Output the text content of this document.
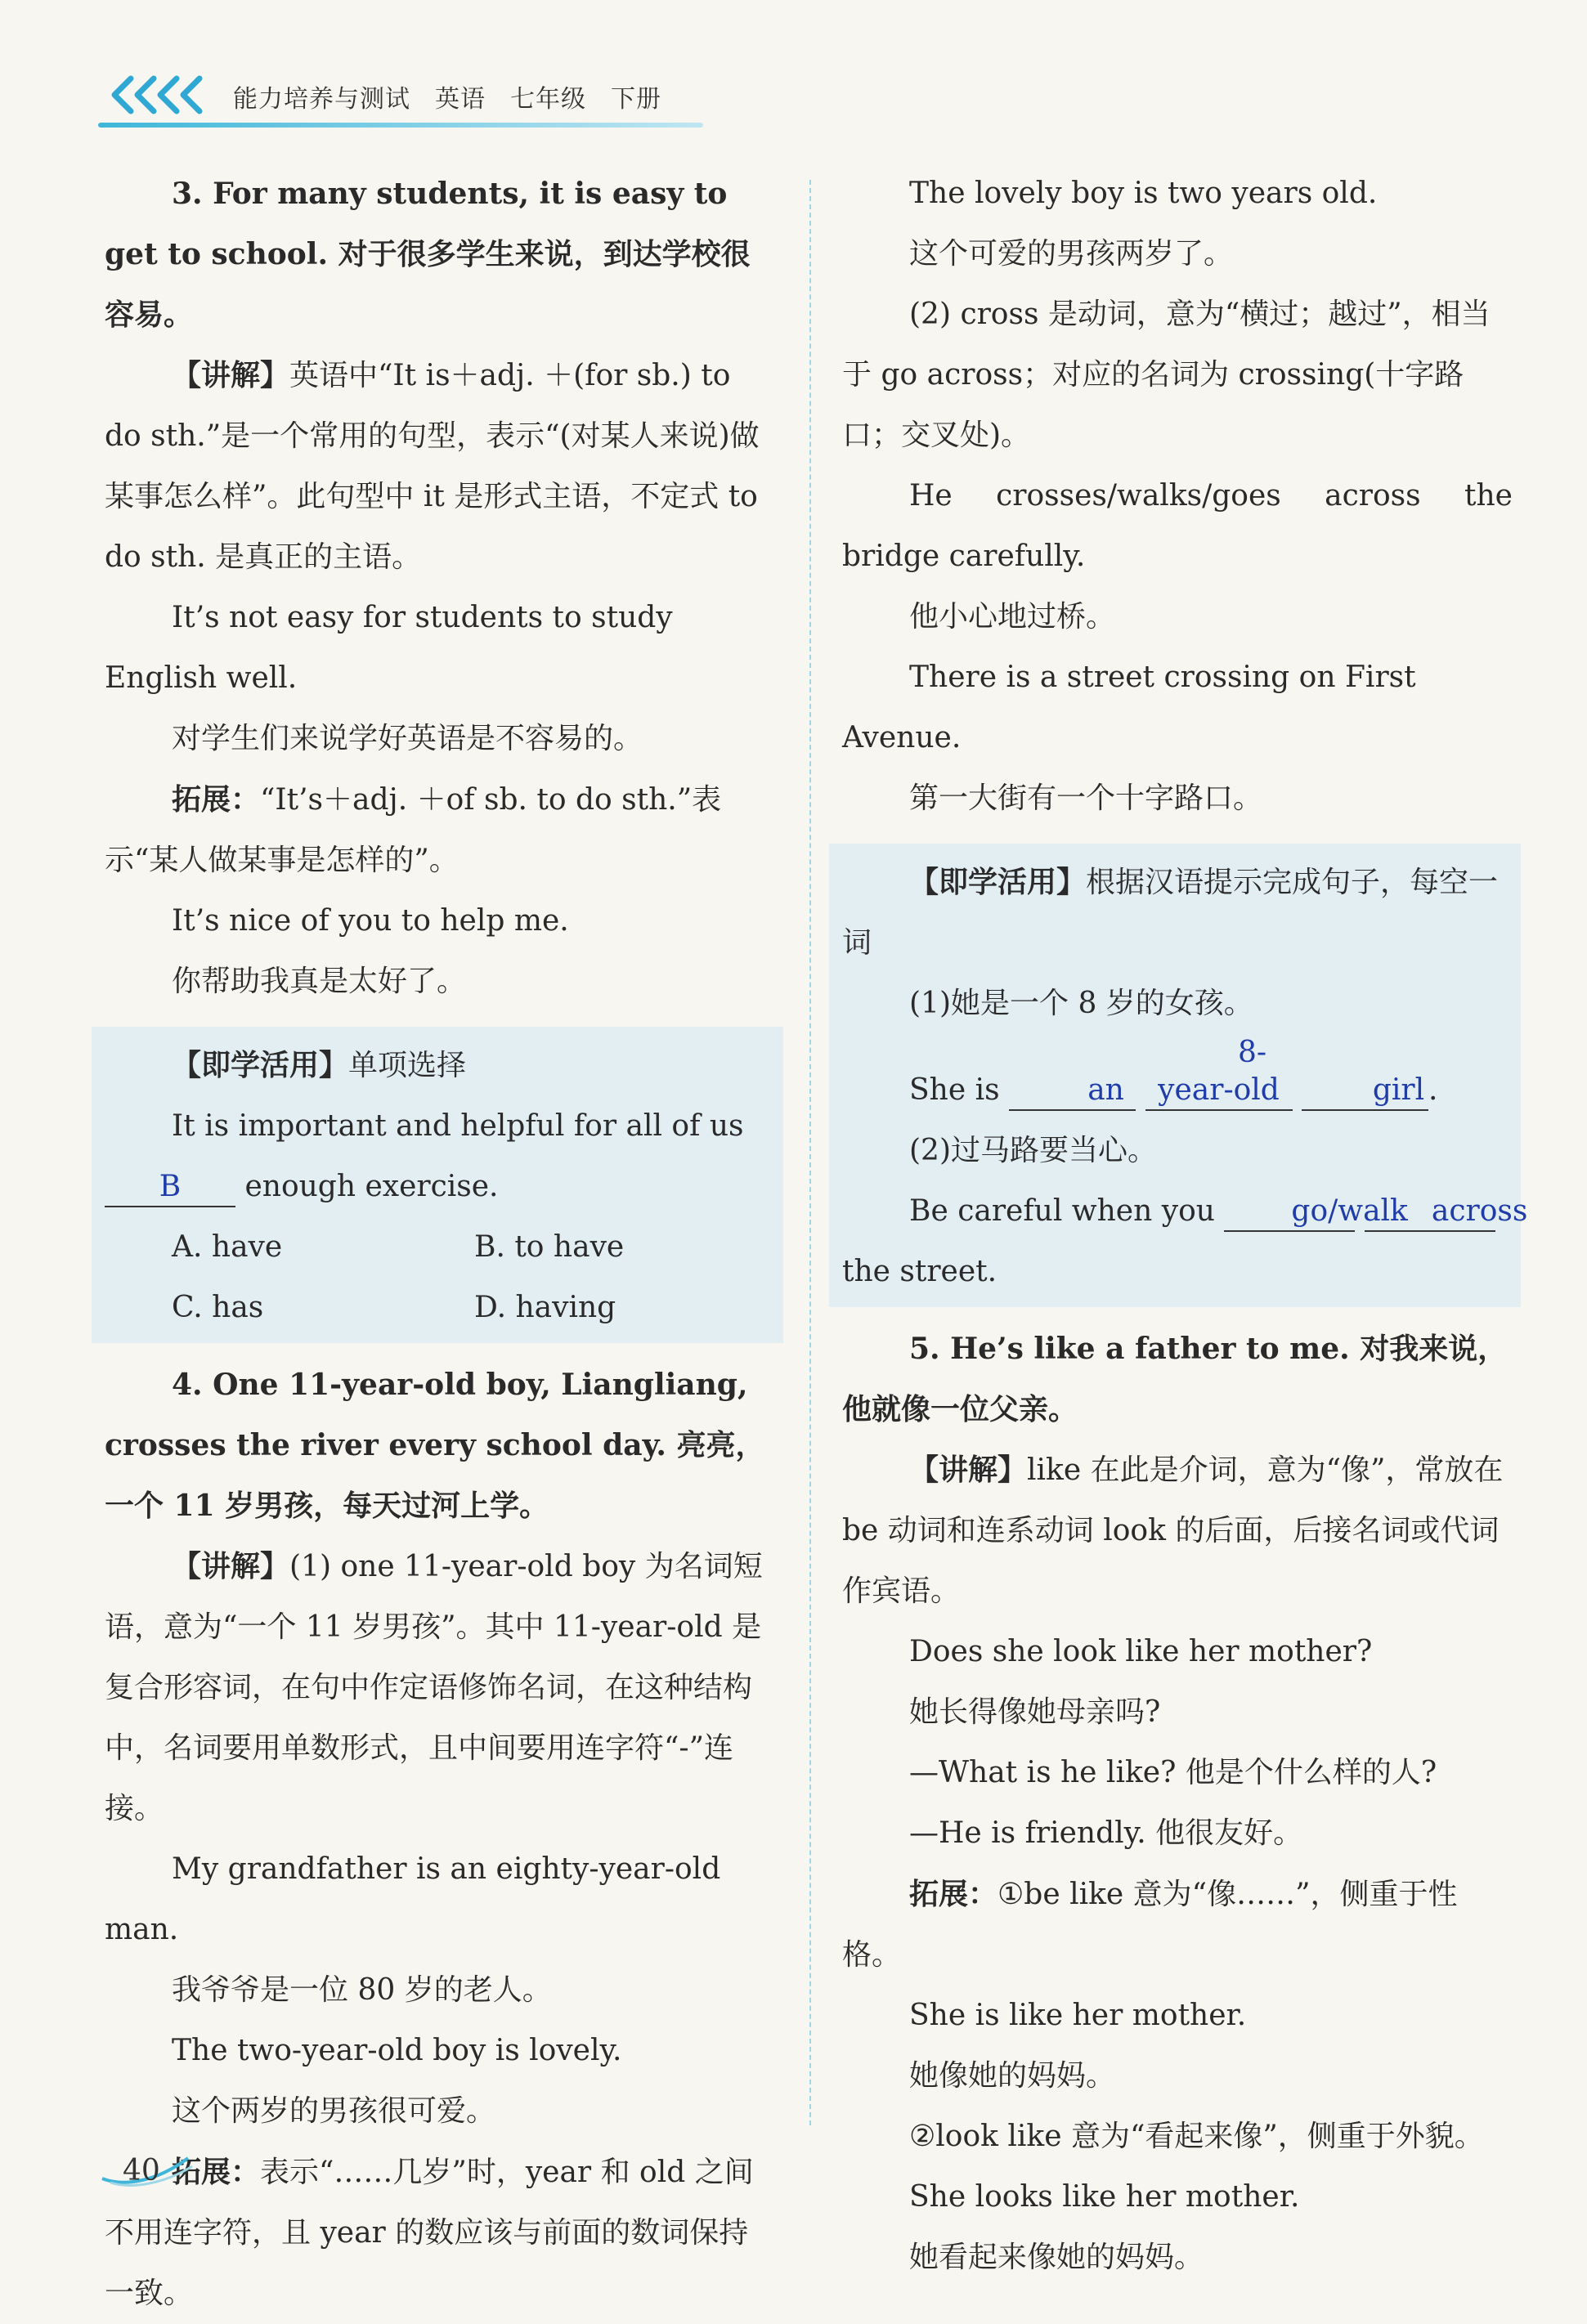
能力培养与测试 英语 七年级 下册

3. For many students, it is easy to get to school. 对于很多学生来说，到达学校很容易。

【讲解】英语中“It is＋adj. ＋(for sb.) to do sth.”是一个常用的句型，表示“(对某人来说)做某事怎么样”。此句型中 it 是形式主语，不定式 to do sth. 是真正的主语。

It’s not easy for students to study English well.

对学生们来说学好英语是不容易的。

拓展：“It’s＋adj. ＋of sb. to do sth.”表示“某人做某事是怎样的”。

It’s nice of you to help me.

你帮助我真是太好了。

【即学活用】单项选择

It is important and helpful for all of us

B enough exercise.

A. have	B. to have
C. has	D. having

4. One 11-year-old boy, Liangliang, crosses the river every school day. 亮亮，一个 11 岁男孩，每天过河上学。

【讲解】(1) one 11-year-old boy 为名词短语，意为“一个 11 岁男孩”。其中 11-year-old 是复合形容词，在句中作定语修饰名词，在这种结构中，名词要用单数形式，且中间要用连字符“-”连接。

My grandfather is an eighty-year-old man.

我爷爷是一位 80 岁的老人。

The two-year-old boy is lovely.

这个两岁的男孩很可爱。

拓展：表示“……几岁”时，year 和 old 之间不用连字符，且 year 的数应该与前面的数词保持一致。

The lovely boy is two years old.

这个可爱的男孩两岁了。

(2) cross 是动词，意为“横过；越过”，相当于 go across；对应的名词为 crossing(十字路口；交叉处)。

He crosses/walks/goes across the bridge carefully.

他小心地过桥。

There is a street crossing on First Avenue.

第一大街有一个十字路口。

【即学活用】根据汉语提示完成句子，每空一词

(1)她是一个 8 岁的女孩。

She is	an 8-year-old	girl .

(2)过马路要当心。

Be careful when you	go/walk across

the street.

5. He’s like a father to me. 对我来说，他就像一位父亲。

【讲解】like 在此是介词，意为“像”，常放在 be 动词和连系动词 look 的后面，后接名词或代词作宾语。

Does she look like her mother?

她长得像她母亲吗?

—What is he like? 他是个什么样的人?

—He is friendly. 他很友好。

拓展：①be like 意为“像……”，侧重于性格。

She is like her mother.

她像她的妈妈。

②look like 意为“看起来像”，侧重于外貌。

She looks like her mother.

她看起来像她的妈妈。

40
